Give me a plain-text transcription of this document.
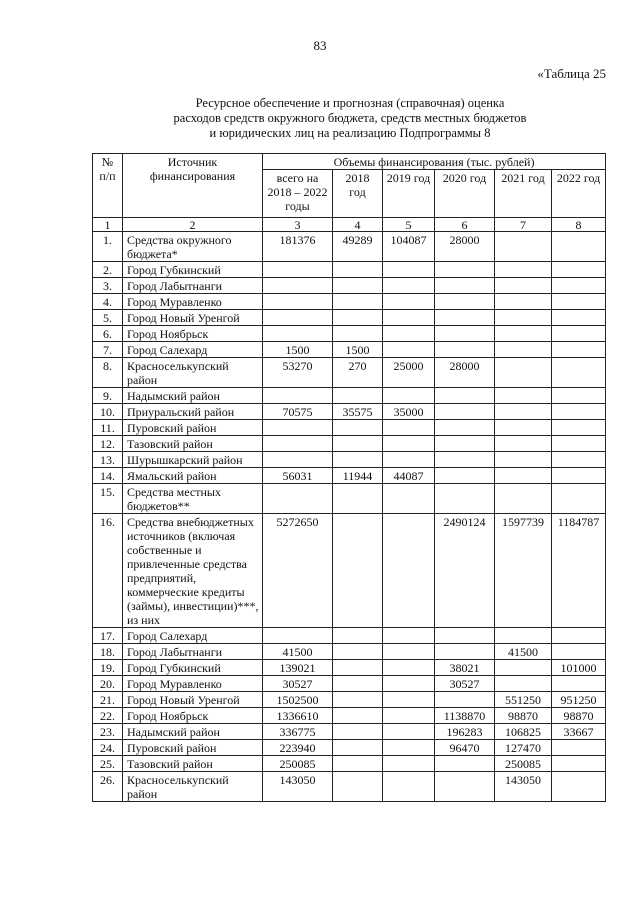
83
«Таблица 25
Ресурсное обеспечение и прогнозная (справочная) оценка
расходов средств окружного бюджета, средств местных бюджетов
и юридических лиц на реализацию Подпрограммы 8
№ п/п	Источник финансирования	Объемы финансирования (тыс. рублей)					
		всего на 2018 – 2022 годы	2018 год	2019 год	2020 год	2021 год	2022 год
1	2	3	4	5	6	7	8
1.	Средства окружного бюджета*	181376	49289	104087	28000		
2.	Город Губкинский						
3.	Город Лабытнанги						
4.	Город Муравленко						
5.	Город Новый Уренгой						
6.	Город Ноябрьск						
7.	Город Салехард	1500	1500				
8.	Красноселькупский район	53270	270	25000	28000		
9.	Надымский район						
10.	Приуральский район	70575	35575	35000			
11.	Пуровский район						
12.	Тазовский район						
13.	Шурышкарский район						
14.	Ямальский район	56031	11944	44087			
15.	Средства местных бюджетов**						
16.	Средства внебюджетных источников (включая собственные и привлеченные средства предприятий, коммерческие кредиты (займы), инвестиции)***, из них	5272650			2490124	1597739	1184787
17.	Город Салехард						
18.	Город Лабытнанги	41500				41500	
19.	Город Губкинский	139021			38021		101000
20.	Город Муравленко	30527			30527		
21.	Город Новый Уренгой	1502500				551250	951250
22.	Город Ноябрьск	1336610			1138870	98870	98870
23.	Надымский район	336775			196283	106825	33667
24.	Пуровский район	223940			96470	127470	
25.	Тазовский район	250085				250085	
26.	Красноселькупский район	143050				143050	
